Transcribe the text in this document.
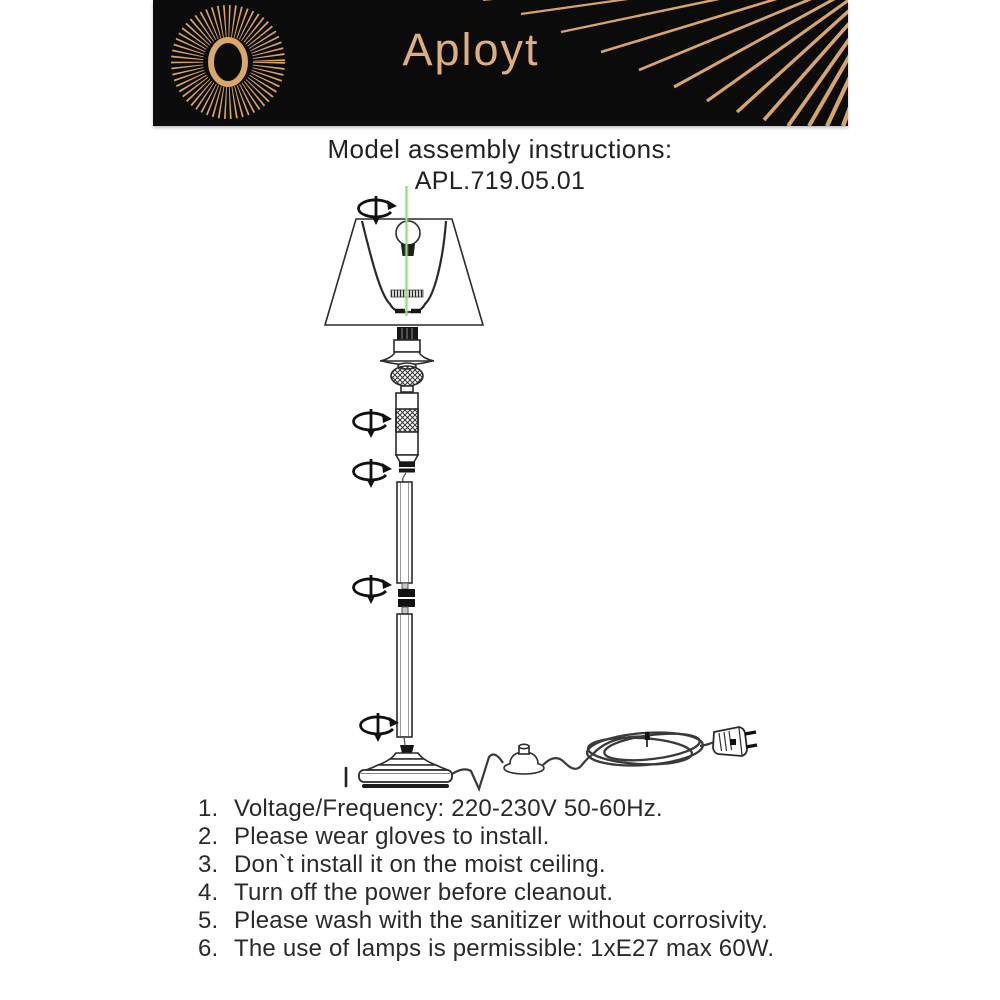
Aployt

Model assembly instructions:

APL.719.05.01

1. Voltage/Frequency: 220-230V 50-60Hz.
2. Please wear gloves to install.
3. Don`t install it on the moist ceiling.
4. Turn off the power before cleanout.
5. Please wash with the sanitizer without corrosivity.
6. The use of lamps is permissible: 1xE27 max 60W.
